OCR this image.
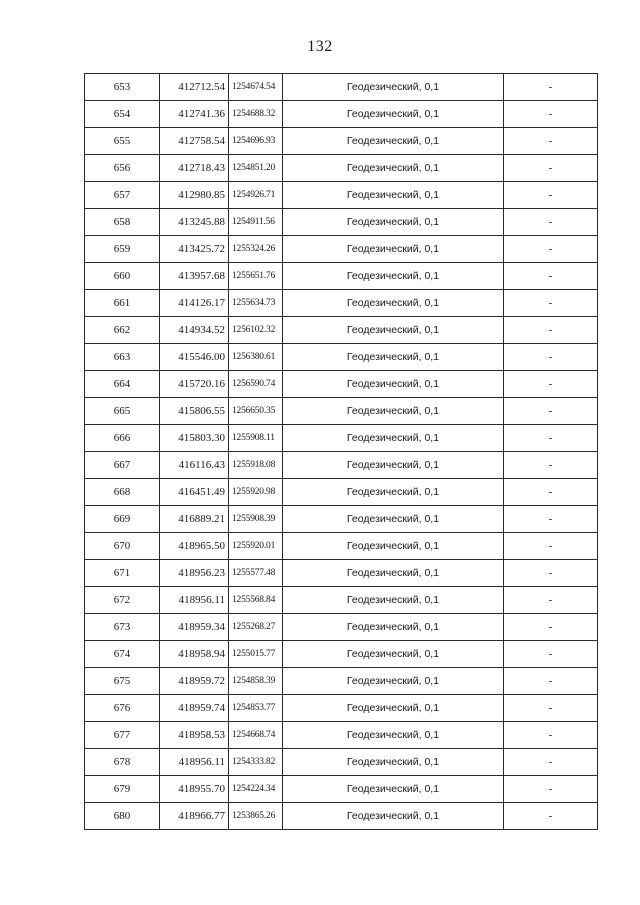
132
653	412712.54	1254674.54	Геодезический, 0,1	-
654	412741.36	1254688.32	Геодезический, 0,1	-
655	412758.54	1254696.93	Геодезический, 0,1	-
656	412718.43	1254851.20	Геодезический, 0,1	-
657	412980.85	1254926.71	Геодезический, 0,1	-
658	413245.88	1254911.56	Геодезический, 0,1	-
659	413425.72	1255324.26	Геодезический, 0,1	-
660	413957.68	1255651.76	Геодезический, 0,1	-
661	414126.17	1255634.73	Геодезический, 0,1	-
662	414934.52	1256102.32	Геодезический, 0,1	-
663	415546.00	1256380.61	Геодезический, 0,1	-
664	415720.16	1256590.74	Геодезический, 0,1	-
665	415806.55	1256650.35	Геодезический, 0,1	-
666	415803.30	1255908.11	Геодезический, 0,1	-
667	416116.43	1255918.08	Геодезический, 0,1	-
668	416451.49	1255920.98	Геодезический, 0,1	-
669	416889.21	1255908.39	Геодезический, 0,1	-
670	418965.50	1255920.01	Геодезический, 0,1	-
671	418956.23	1255577.48	Геодезический, 0,1	-
672	418956.11	1255568.84	Геодезический, 0,1	-
673	418959.34	1255268.27	Геодезический, 0,1	-
674	418958.94	1255015.77	Геодезический, 0,1	-
675	418959.72	1254858.39	Геодезический, 0,1	-
676	418959.74	1254853.77	Геодезический, 0,1	-
677	418958.53	1254668.74	Геодезический, 0,1	-
678	418956.11	1254333.82	Геодезический, 0,1	-
679	418955.70	1254224.34	Геодезический, 0,1	-
680	418966.77	1253865.26	Геодезический, 0,1	-
